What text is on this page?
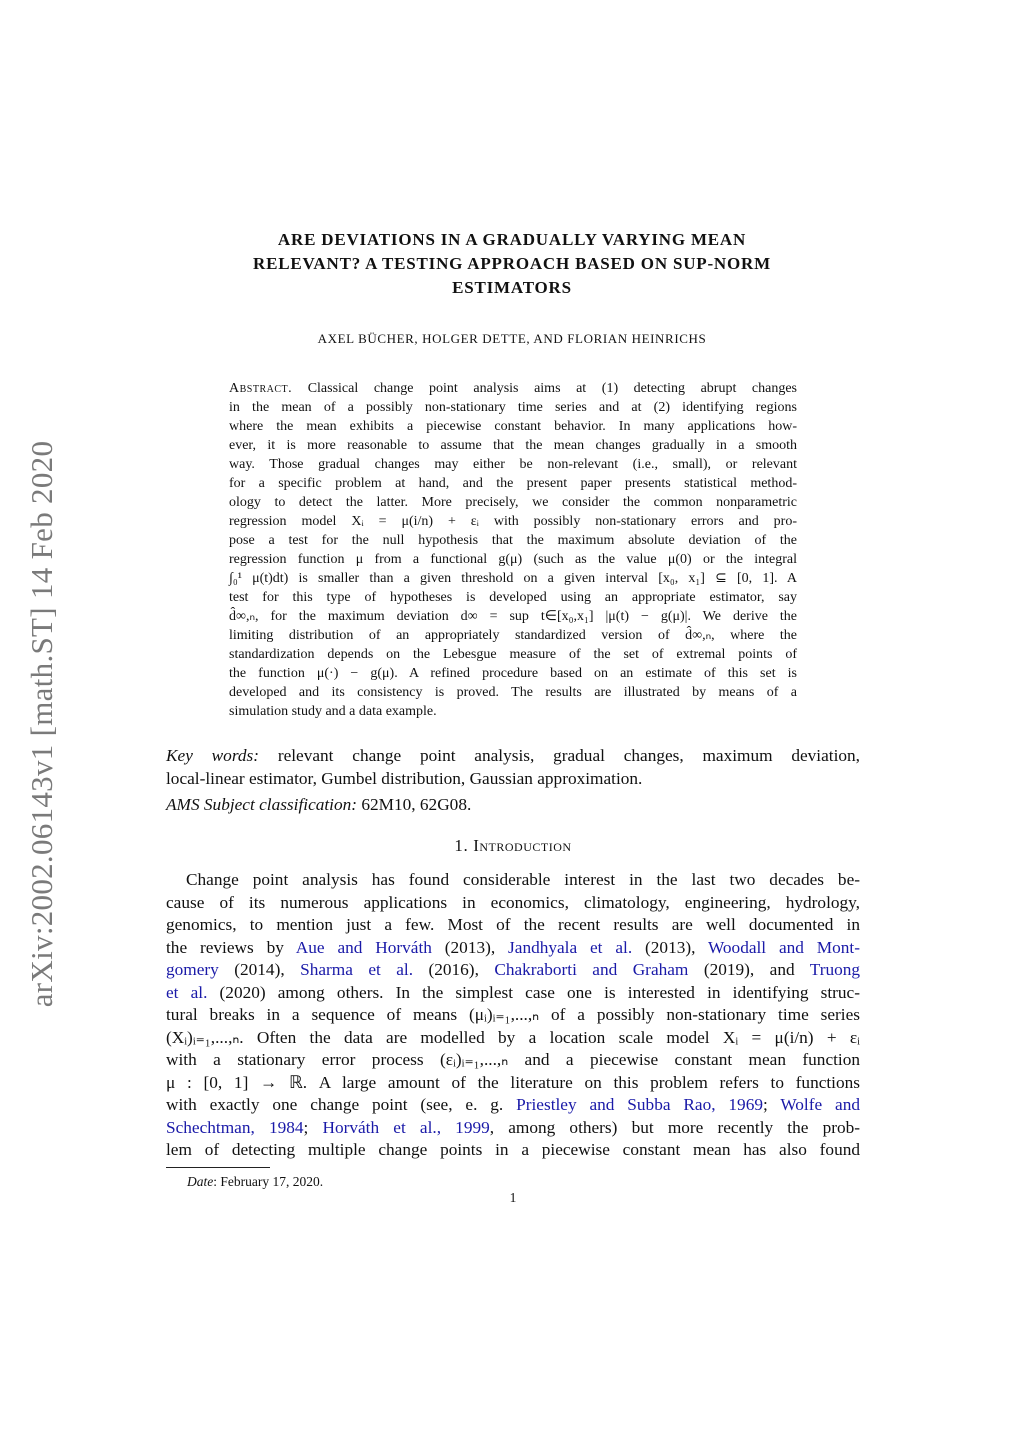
arXiv:2002.06143v1 [math.ST] 14 Feb 2020
ARE DEVIATIONS IN A GRADUALLY VARYING MEAN
RELEVANT? A TESTING APPROACH BASED ON SUP-NORM
ESTIMATORS
AXEL BÜCHER, HOLGER DETTE, AND FLORIAN HEINRICHS
Abstract. Classical change point analysis aims at (1) detecting abrupt changes
in the mean of a possibly non-stationary time series and at (2) identifying regions
where the mean exhibits a piecewise constant behavior. In many applications how-
ever, it is more reasonable to assume that the mean changes gradually in a smooth
way. Those gradual changes may either be non-relevant (i.e., small), or relevant
for a specific problem at hand, and the present paper presents statistical method-
ology to detect the latter. More precisely, we consider the common nonparametric
regression model Xᵢ = μ(i/n) + εᵢ with possibly non-stationary errors and pro-
pose a test for the null hypothesis that the maximum absolute deviation of the
regression function μ from a functional g(μ) (such as the value μ(0) or the integral
∫₀¹ μ(t)dt) is smaller than a given threshold on a given interval [x₀, x₁] ⊆ [0, 1]. A
test for this type of hypotheses is developed using an appropriate estimator, say
d̂∞,ₙ, for the maximum deviation d∞ = sup t∈[x₀,x₁] |μ(t) − g(μ)|. We derive the
limiting distribution of an appropriately standardized version of d̂∞,ₙ, where the
standardization depends on the Lebesgue measure of the set of extremal points of
the function μ(·) − g(μ). A refined procedure based on an estimate of this set is
developed and its consistency is proved. The results are illustrated by means of a
simulation study and a data example.
Key words: relevant change point analysis, gradual changes, maximum deviation,
local-linear estimator, Gumbel distribution, Gaussian approximation.
AMS Subject classification: 62M10, 62G08.
1. Introduction
Change point analysis has found considerable interest in the last two decades be-
cause of its numerous applications in economics, climatology, engineering, hydrology,
genomics, to mention just a few. Most of the recent results are well documented in
the reviews by Aue and Horváth (2013), Jandhyala et al. (2013), Woodall and Mont-
gomery (2014), Sharma et al. (2016), Chakraborti and Graham (2019), and Truong
et al. (2020) among others. In the simplest case one is interested in identifying struc-
tural breaks in a sequence of means (μᵢ)ᵢ₌₁,...,ₙ of a possibly non-stationary time series
(Xᵢ)ᵢ₌₁,...,ₙ. Often the data are modelled by a location scale model Xᵢ = μ(i/n) + εᵢ
with a stationary error process (εᵢ)ᵢ₌₁,...,ₙ and a piecewise constant mean function
μ : [0, 1] → ℝ. A large amount of the literature on this problem refers to functions
with exactly one change point (see, e. g. Priestley and Subba Rao, 1969; Wolfe and
Schechtman, 1984; Horváth et al., 1999, among others) but more recently the prob-
lem of detecting multiple change points in a piecewise constant mean has also found
Date: February 17, 2020.
1
